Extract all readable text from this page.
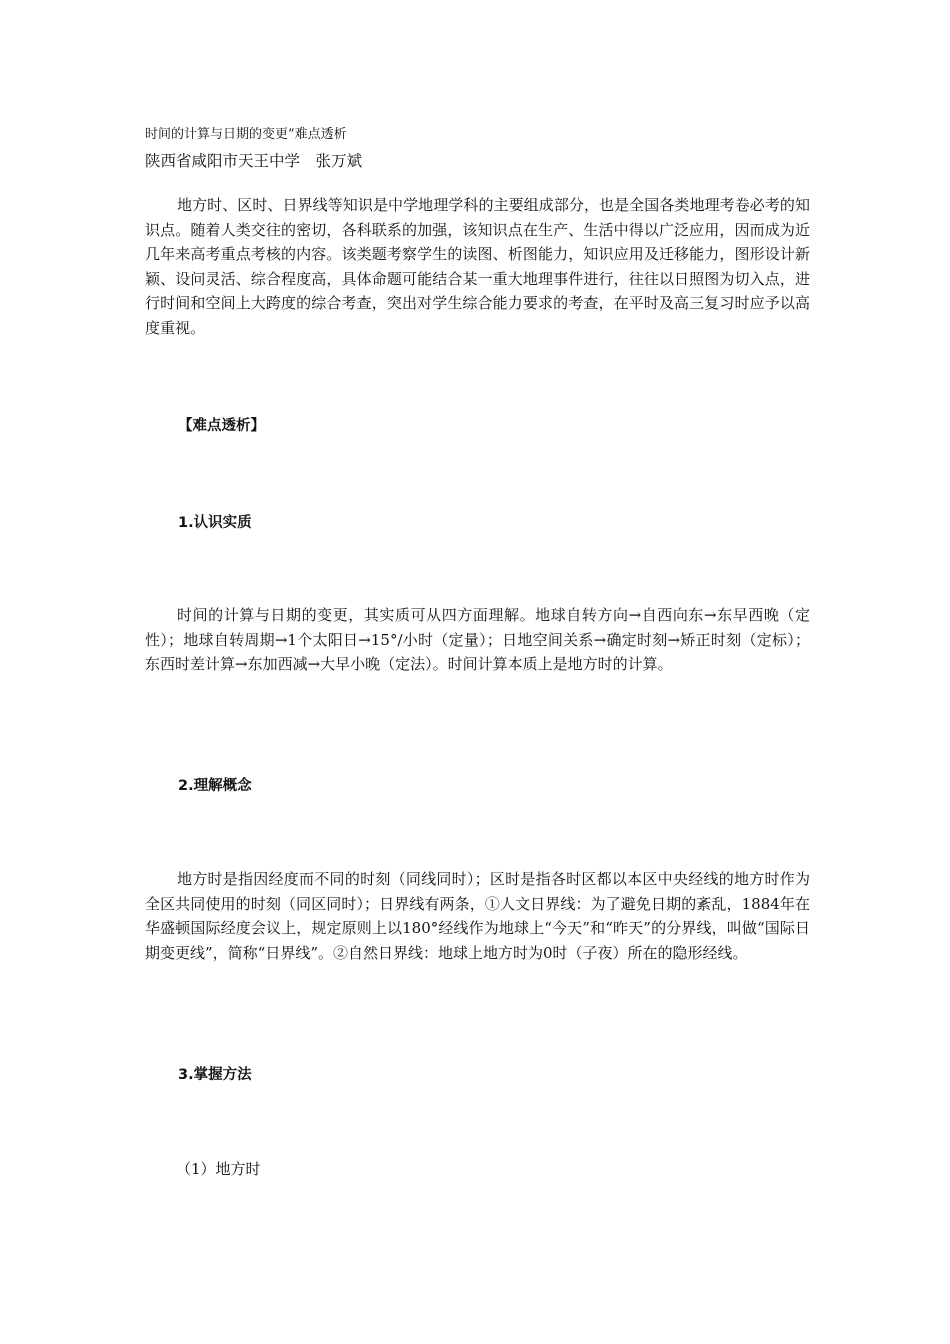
时间的计算与日期的变更”难点透析
陕西省咸阳市天王中学　张万斌

地方时、区时、日界线等知识是中学地理学科的主要组成部分，也是全国各类地理考卷必考的知识点。随着人类交往的密切，各科联系的加强，该知识点在生产、生活中得以广泛应用，因而成为近几年来高考重点考核的内容。该类题考察学生的读图、析图能力，知识应用及迁移能力，图形设计新颖、设问灵活、综合程度高，具体命题可能结合某一重大地理事件进行，往往以日照图为切入点，进行时间和空间上大跨度的综合考查，突出对学生综合能力要求的考查，在平时及高三复习时应予以高度重视。

【难点透析】
1.认识实质

时间的计算与日期的变更，其实质可从四方面理解。地球自转方向→自西向东→东早西晚（定性）；地球自转周期→1个太阳日→15°/小时（定量）；日地空间关系→确定时刻→矫正时刻（定标）；东西时差计算→东加西减→大早小晚（定法）。时间计算本质上是地方时的计算。

2.理解概念

地方时是指因经度而不同的时刻（同线同时）；区时是指各时区都以本区中央经线的地方时作为全区共同使用的时刻（同区同时）；日界线有两条，①人文日界线：为了避免日期的紊乱，1884年在华盛顿国际经度会议上，规定原则上以180°经线作为地球上“今天”和“昨天”的分界线，叫做“国际日期变更线”，简称“日界线”。②自然日界线：地球上地方时为0时（子夜）所在的隐形经线。

3.掌握方法
（1）地方时
